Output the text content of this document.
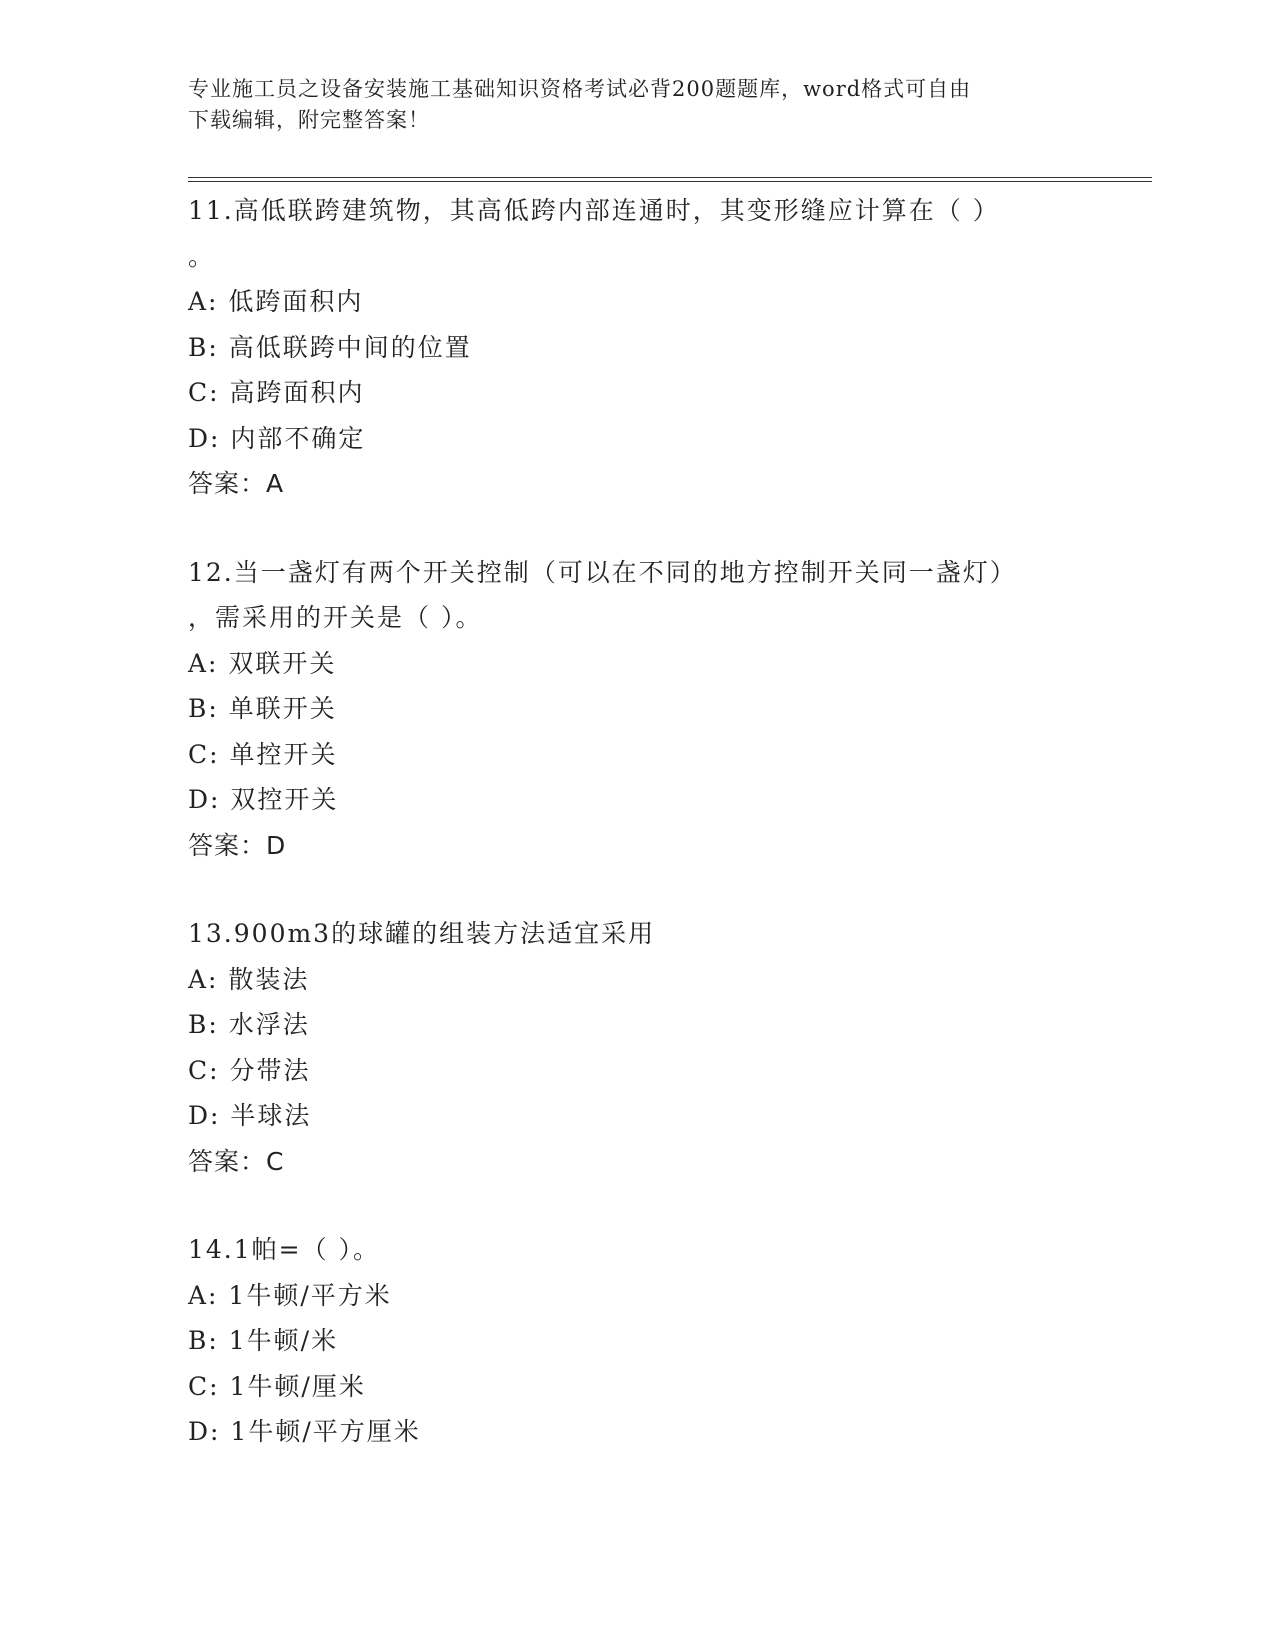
专业施工员之设备安装施工基础知识资格考试必背200题题库，word格式可自由
下载编辑，附完整答案！
11.高低联跨建筑物，其高低跨内部连通时，其变形缝应计算在（ ）
。
A: 低跨面积内
B: 高低联跨中间的位置
C: 高跨面积内
D: 内部不确定
答案：A
12.当一盏灯有两个开关控制（可以在不同的地方控制开关同一盏灯）
，需采用的开关是（ ）。
A: 双联开关
B: 单联开关
C: 单控开关
D: 双控开关
答案：D
13.900m3的球罐的组装方法适宜采用
A: 散装法
B: 水浮法
C: 分带法
D: 半球法
答案：C
14.1帕=（ ）。
A: 1牛顿/平方米
B: 1牛顿/米
C: 1牛顿/厘米
D: 1牛顿/平方厘米
